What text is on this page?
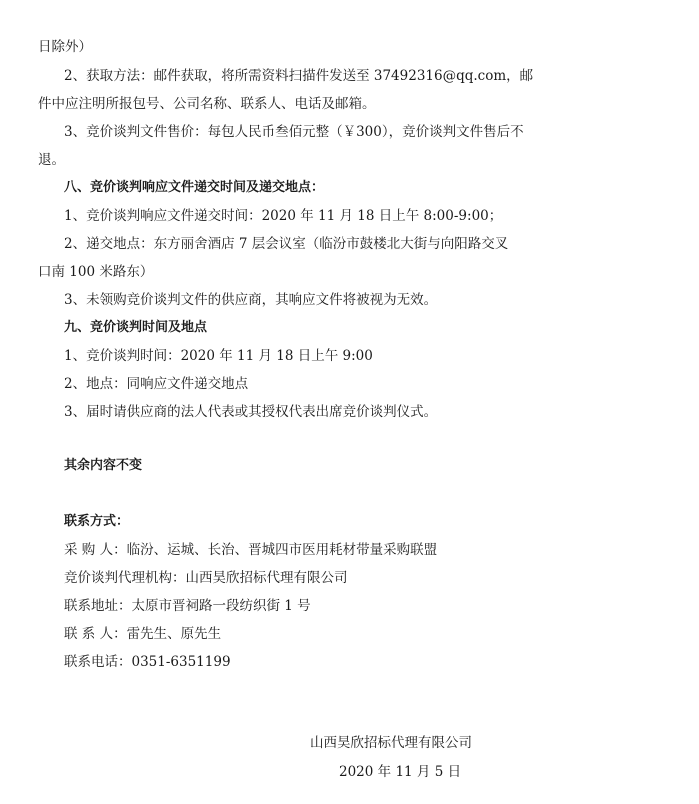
日除外）
2、获取方法：邮件获取，将所需资料扫描件发送至 37492316@qq.com，邮
件中应注明所报包号、公司名称、联系人、电话及邮箱。
3、竞价谈判文件售价：每包人民币叁佰元整（￥300），竞价谈判文件售后不
退。
八、竞价谈判响应文件递交时间及递交地点：
1、竞价谈判响应文件递交时间：2020 年 11 月 18 日上午 8:00-9:00；
2、递交地点：东方丽舍酒店 7 层会议室（临汾市鼓楼北大街与向阳路交叉
口南 100 米路东）
3、未领购竞价谈判文件的供应商，其响应文件将被视为无效。
九、竞价谈判时间及地点
1、竞价谈判时间：2020 年 11 月 18 日上午 9:00
2、地点：同响应文件递交地点
3、届时请供应商的法人代表或其授权代表出席竞价谈判仪式。
其余内容不变
联系方式：
采 购 人：临汾、运城、长治、晋城四市医用耗材带量采购联盟
竞价谈判代理机构：山西昊欣招标代理有限公司
联系地址：太原市晋祠路一段纺织街 1 号
联 系 人：雷先生、原先生
联系电话：0351-6351199
山西昊欣招标代理有限公司
2020 年 11 月 5 日
